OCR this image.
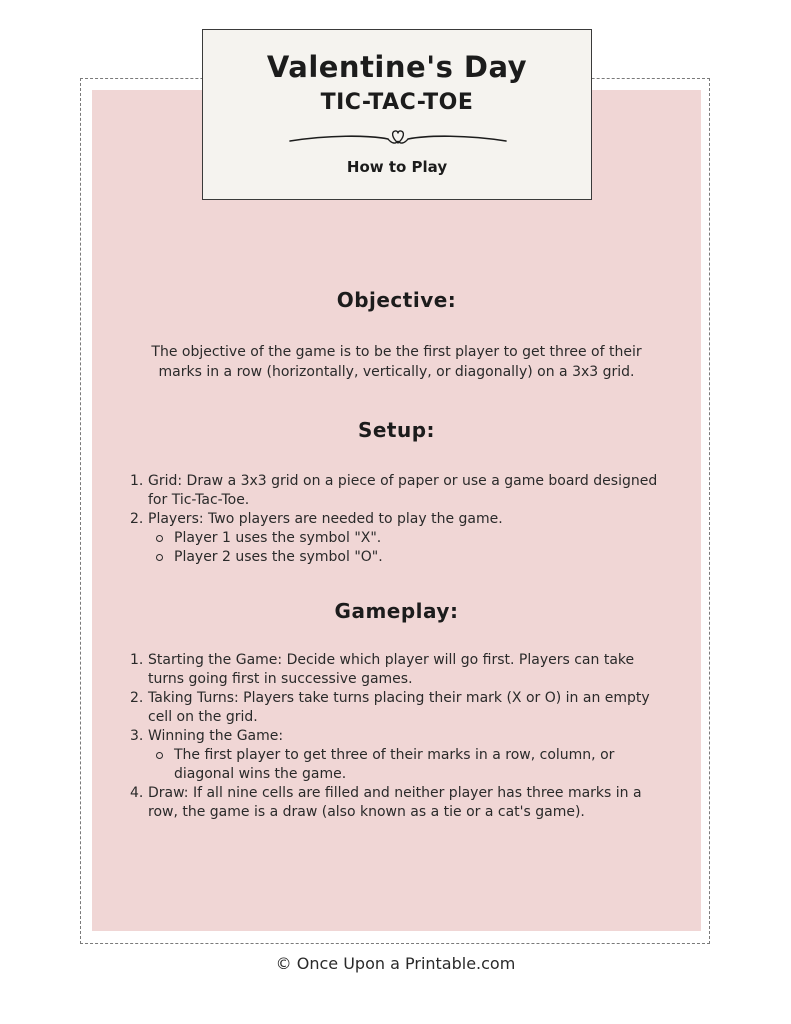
Valentine's Day
TIC-TAC-TOE
How to Play
Objective:

The objective of the game is to be the first player to get three of their marks in a row (horizontally, vertically, or diagonally) on a 3x3 grid.

Setup:
1. Grid: Draw a 3x3 grid on a piece of paper or use a game board designed for Tic-Tac-Toe.
2. Players: Two players are needed to play the game.
Player 1 uses the symbol "X".
Player 2 uses the symbol "O".
Gameplay:
1. Starting the Game: Decide which player will go first. Players can take turns going first in successive games.
2. Taking Turns: Players take turns placing their mark (X or O) in an empty cell on the grid.
3. Winning the Game:
The first player to get three of their marks in a row, column, or diagonal wins the game.
4. Draw: If all nine cells are filled and neither player has three marks in a row, the game is a draw (also known as a tie or a cat's game).
© Once Upon a Printable.com
